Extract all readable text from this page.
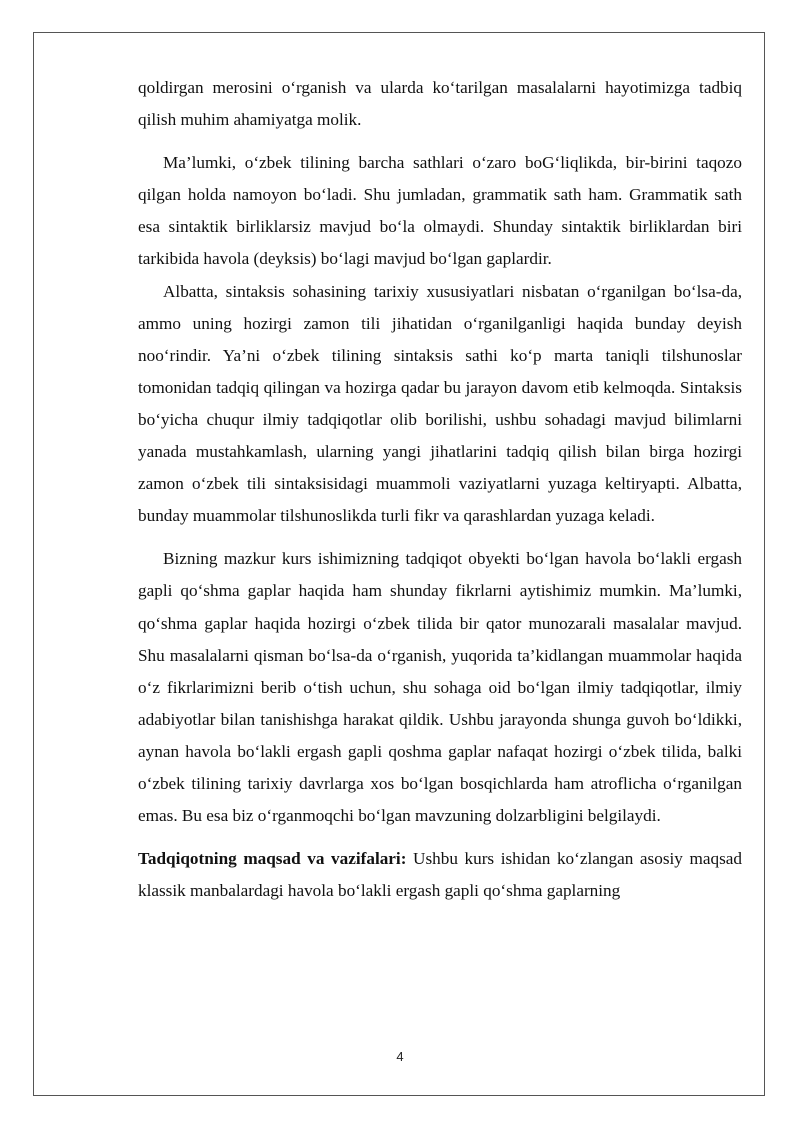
qoldirgan merosini o‘rganish va ularda ko‘tarilgan masalalarni hayotimizga tadbiq qilish muhim ahamiyatga molik.

Ma’lumki, o‘zbek tilining barcha sathlari o‘zaro boG‘liqlikda, bir-birini taqozo qilgan holda namoyon bo‘ladi. Shu jumladan, grammatik sath ham. Grammatik sath esa sintaktik birliklarsiz mavjud bo‘la olmaydi. Shunday sintaktik birliklardan biri tarkibida havola (deyksis) bo‘lagi mavjud bo‘lgan gaplardir.

Albatta, sintaksis sohasining tarixiy xususiyatlari nisbatan o‘rganilgan bo‘lsa-da, ammo uning hozirgi zamon tili jihatidan o‘rganilganligi haqida bunday deyish noo‘rindir. Ya’ni o‘zbek tilining sintaksis sathi ko‘p marta taniqli tilshunoslar tomonidan tadqiq qilingan va hozirga qadar bu jarayon davom etib kelmoqda. Sintaksis bo‘yicha chuqur ilmiy tadqiqotlar olib borilishi, ushbu sohadagi mavjud bilimlarni yanada mustahkamlash, ularning yangi jihatlarini tadqiq qilish bilan birga hozirgi zamon o‘zbek tili sintaksisidagi muammoli vaziyatlarni yuzaga keltiryapti. Albatta, bunday muammolar tilshunoslikda turli fikr va qarashlardan yuzaga keladi.

Bizning mazkur kurs ishimizning tadqiqot obyekti bo‘lgan havola bo‘lakli ergash gapli qo‘shma gaplar haqida ham shunday fikrlarni aytishimiz mumkin. Ma’lumki, qo‘shma gaplar haqida hozirgi o‘zbek tilida bir qator munozarali masalalar mavjud. Shu masalalarni qisman bo‘lsa-da o‘rganish, yuqorida ta’kidlangan muammolar haqida o‘z fikrlarimizni berib o‘tish uchun, shu sohaga oid bo‘lgan ilmiy tadqiqotlar, ilmiy adabiyotlar bilan tanishishga harakat qildik. Ushbu jarayonda shunga guvoh bo‘ldikki, aynan havola bo‘lakli ergash gapli qoshma gaplar nafaqat hozirgi o‘zbek tilida, balki o‘zbek tilining tarixiy davrlarga xos bo‘lgan bosqichlarda ham atroflicha o‘rganilgan emas. Bu esa biz o‘rganmoqchi bo‘lgan mavzuning dolzarbligini belgilaydi.

Tadqiqotning maqsad va vazifalari: Ushbu kurs ishidan ko‘zlangan asosiy maqsad klassik manbalardagi havola bo‘lakli ergash gapli qo‘shma gaplarning

4
